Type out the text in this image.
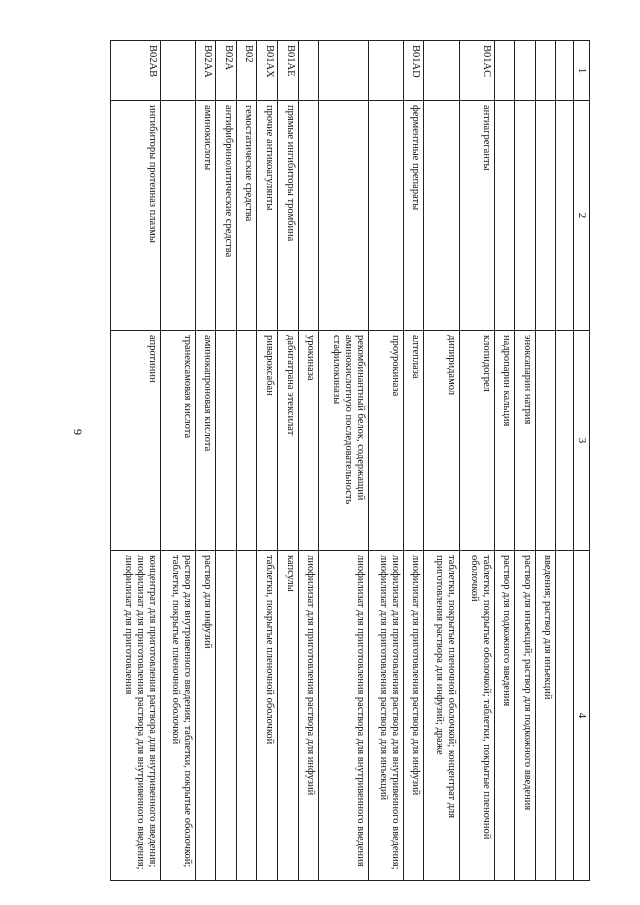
9
1	2	3	4

			введения; раствор для инъекций
		эноксапарин натрия	раствор для инъекций; раствор для подкожного введения
		надропарин кальция	раствор для подкожного введения
B01AC	антиагреганты	клопидогрел	таблетки, покрытые оболочкой; таблетки, покрытые пленочной оболочкой
		дипиридамол	таблетки, покрытые пленочной оболочкой; концентрат для приготовления раствора для инфузий; драже
B01AD	ферментные препараты	алтеплаза	лиофилизат для приготовления раствора для инфузий
		проурокиназа	лиофилизат для приготовления раствора для внутривенного введения; лиофилизат для приготовления раствора для инъекций
		рекомбинантный белок, содержащий аминокислотную последовательность стафилокиназы	лиофилизат для приготовления раствора для внутривенного введения
		урокиназа	лиофилизат для приготовления раствора для инфузий
B01AE	прямые ингибиторы тромбина	дабигатрана этексилат	капсулы
B01AX	прочие антикоагулянты	ривароксабан	таблетки, покрытые пленочной оболочкой
B02	гемостатические средства		
B02A	антифибринолитические средства		
B02AA	аминокислоты	аминокапроновая кислота	раствор для инфузий
		транексамовая кислота	раствор для внутривенного введения; таблетки, покрытые оболочкой; таблетки, покрытые пленочной оболочкой
B02AB	ингибиторы протеиназ плазмы	апротинин	концентрат для приготовления раствора для внутривенного введения; лиофилизат для приготовления раствора для внутривенного введения; лиофилизат для приготовления
